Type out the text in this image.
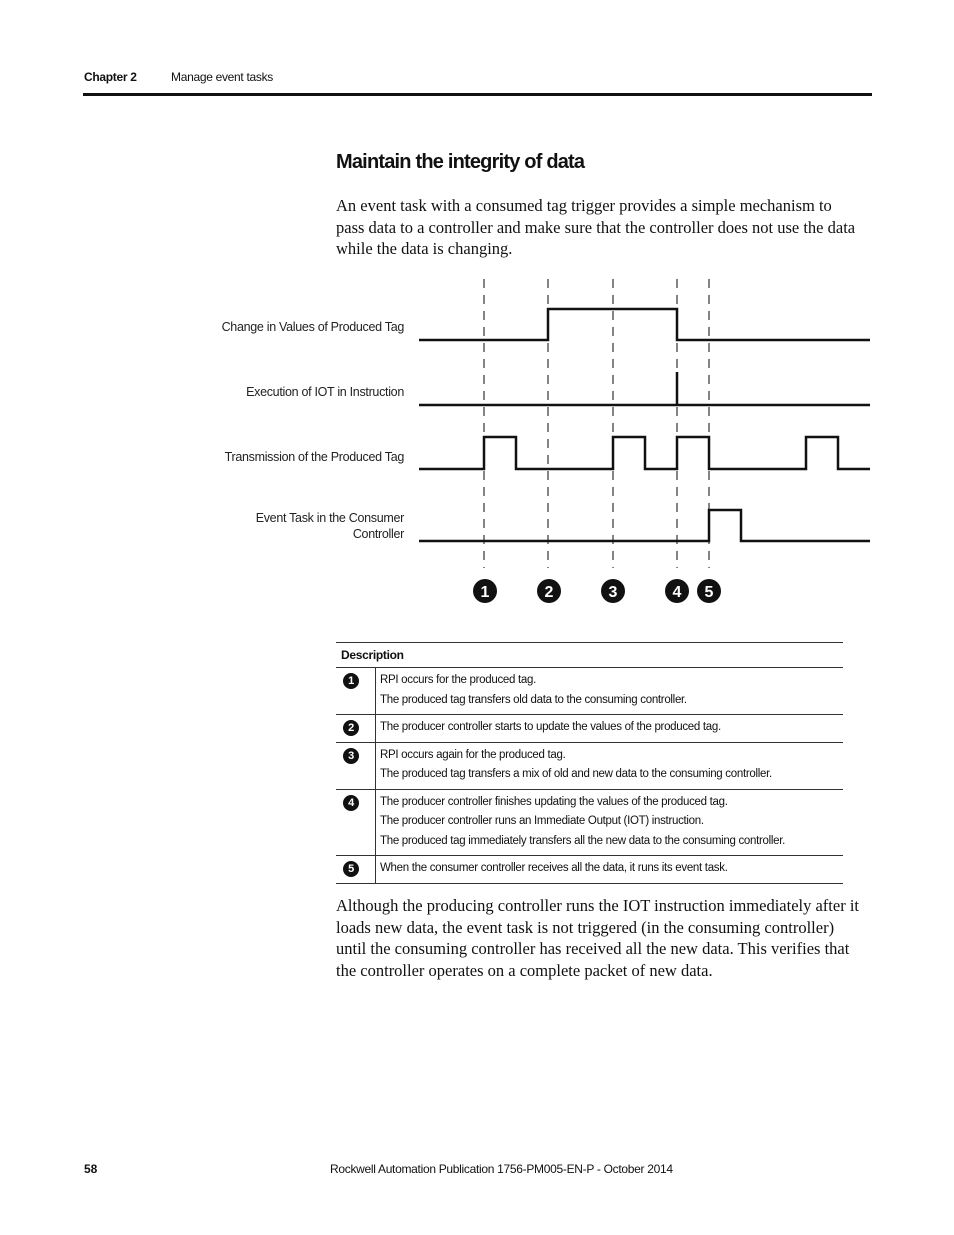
Chapter 2	Manage event tasks
Maintain the integrity of data

An event task with a consumed tag trigger provides a simple mechanism to pass data to a controller and make sure that the controller does not use the data while the data is changing.

Change in Values of Produced Tag
Execution of IOT in Instruction
Transmission of the Produced Tag
Event Task in the Consumer
Controller
1	2	3	4 5
Description	
1	RPI occurs for the produced tag.
The produced tag transfers old data to the consuming controller.

2	The producer controller starts to update the values of the produced tag.

3	RPI occurs again for the produced tag.
The produced tag transfers a mix of old and new data to the consuming controller.

4	The producer controller finishes updating the values of the produced tag.
The producer controller runs an Immediate Output (IOT) instruction.
The produced tag immediately transfers all the new data to the consuming controller.

5	When the consumer controller receives all the data, it runs its event task.

Although the producing controller runs the IOT instruction immediately after it loads new data, the event task is not triggered (in the consuming controller) until the consuming controller has received all the new data. This verifies that the controller operates on a complete packet of new data.

58	Rockwell Automation Publication 1756-PM005-EN-P - October 2014
